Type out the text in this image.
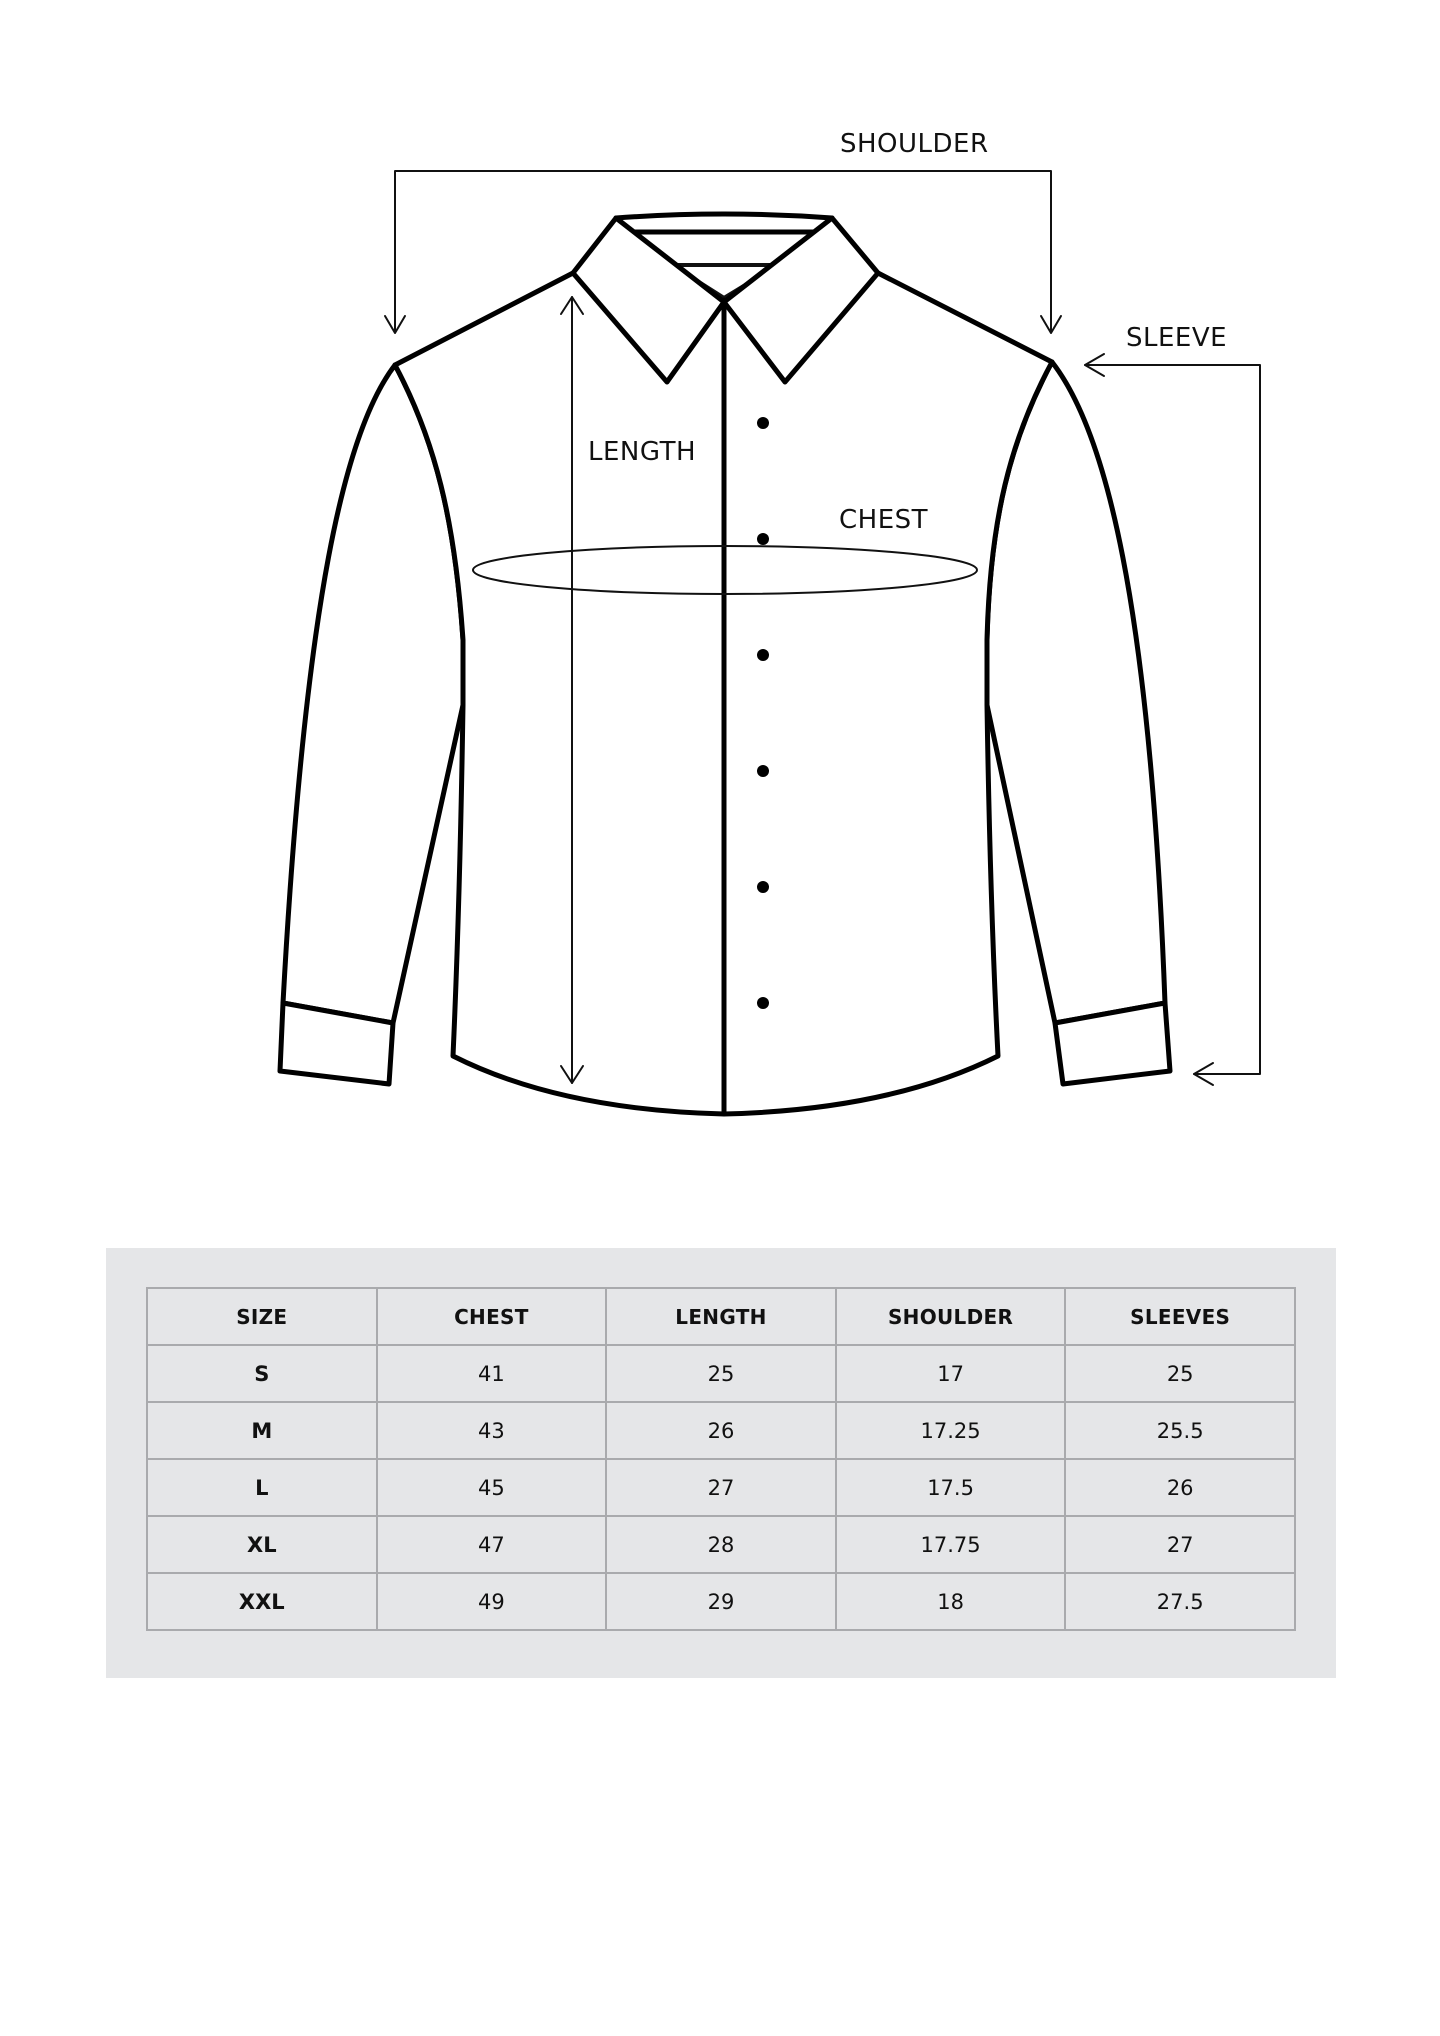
SHOULDER
SLEEVE
LENGTH
CHEST
SIZE	CHEST	LENGTH	SHOULDER	SLEEVES
S	41	25	17	25
M	43	26	17.25	25.5
L	45	27	17.5	26
XL	47	28	17.75	27
XXL	49	29	18	27.5
